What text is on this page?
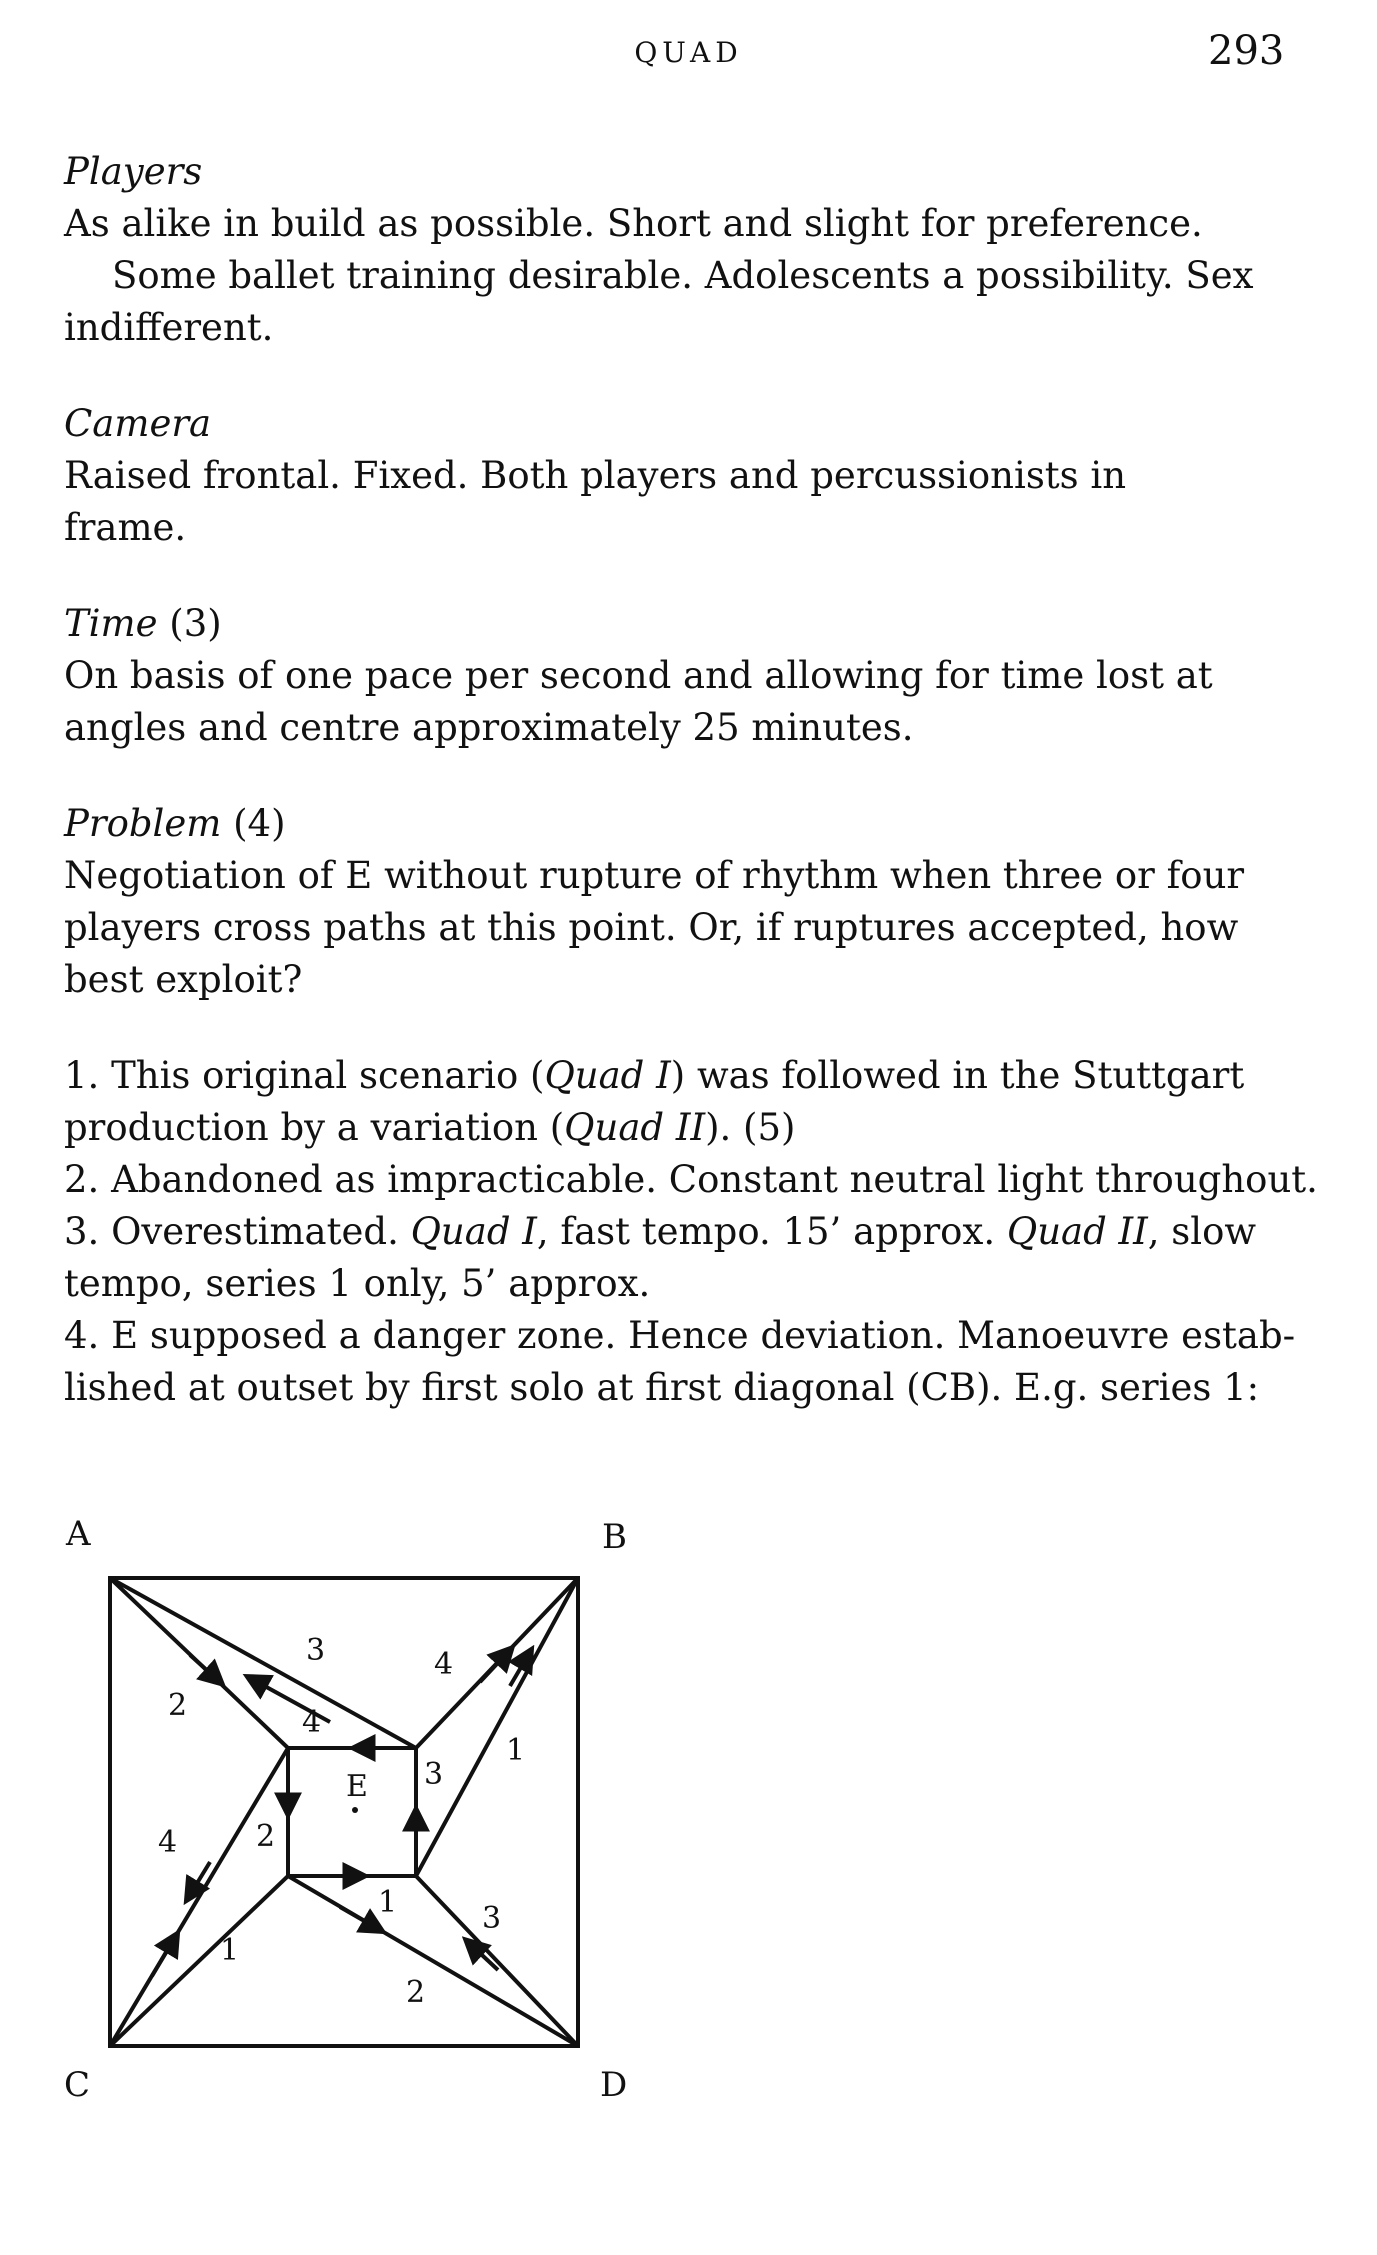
QUAD	293
Players
As alike in build as possible. Short and slight for preference.
Some ballet training desirable. Adolescents a possibility. Sex
indifferent.
Camera
Raised frontal. Fixed. Both players and percussionists in
frame.
Time (3)
On basis of one pace per second and allowing for time lost at
angles and centre approximately 25 minutes.
Problem (4)
Negotiation of E without rupture of rhythm when three or four
players cross paths at this point. Or, if ruptures accepted, how
best exploit?
1. This original scenario (Quad I) was followed in the Stuttgart
production by a variation (Quad II). (5)
2. Abandoned as impracticable. Constant neutral light throughout.
3. Overestimated. Quad I, fast tempo. 15’ approx. Quad II, slow
tempo, series 1 only, 5’ approx.
4. E supposed a danger zone. Hence deviation. Manoeuvre estab-
lished at outset by first solo at first diagonal (CB). E.g. series 1:
A	B
C	D
E
2
3	4
1
1
4
2
3
4
2
3
1
